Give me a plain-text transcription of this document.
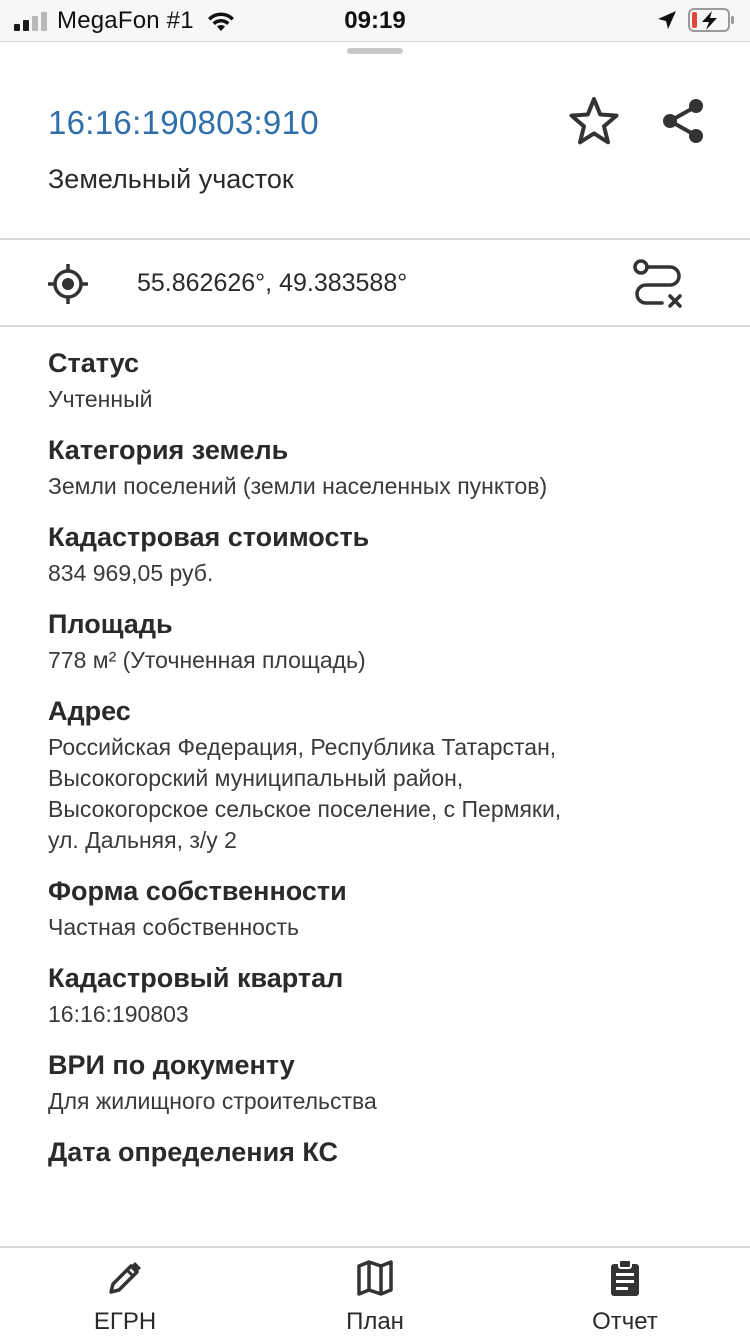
MegaFon #1	09:19
16:16:190803:910
Земельный участок
55.862626°, 49.383588°
Статус
Учтенный
Категория земель
Земли поселений (земли населенных пунктов)
Кадастровая стоимость
834 969,05 руб.
Площадь
778 м² (Уточненная площадь)
Адрес
Российская Федерация, Республика Татарстан,
Высокогорский муниципальный район,
Высокогорское сельское поселение, с Пермяки,
ул. Дальняя, з/у 2
Форма собственности
Частная собственность
Кадастровый квартал
16:16:190803
ВРИ по документу
Для жилищного строительства
Дата определения КС
ЕГРН	План	Отчет
